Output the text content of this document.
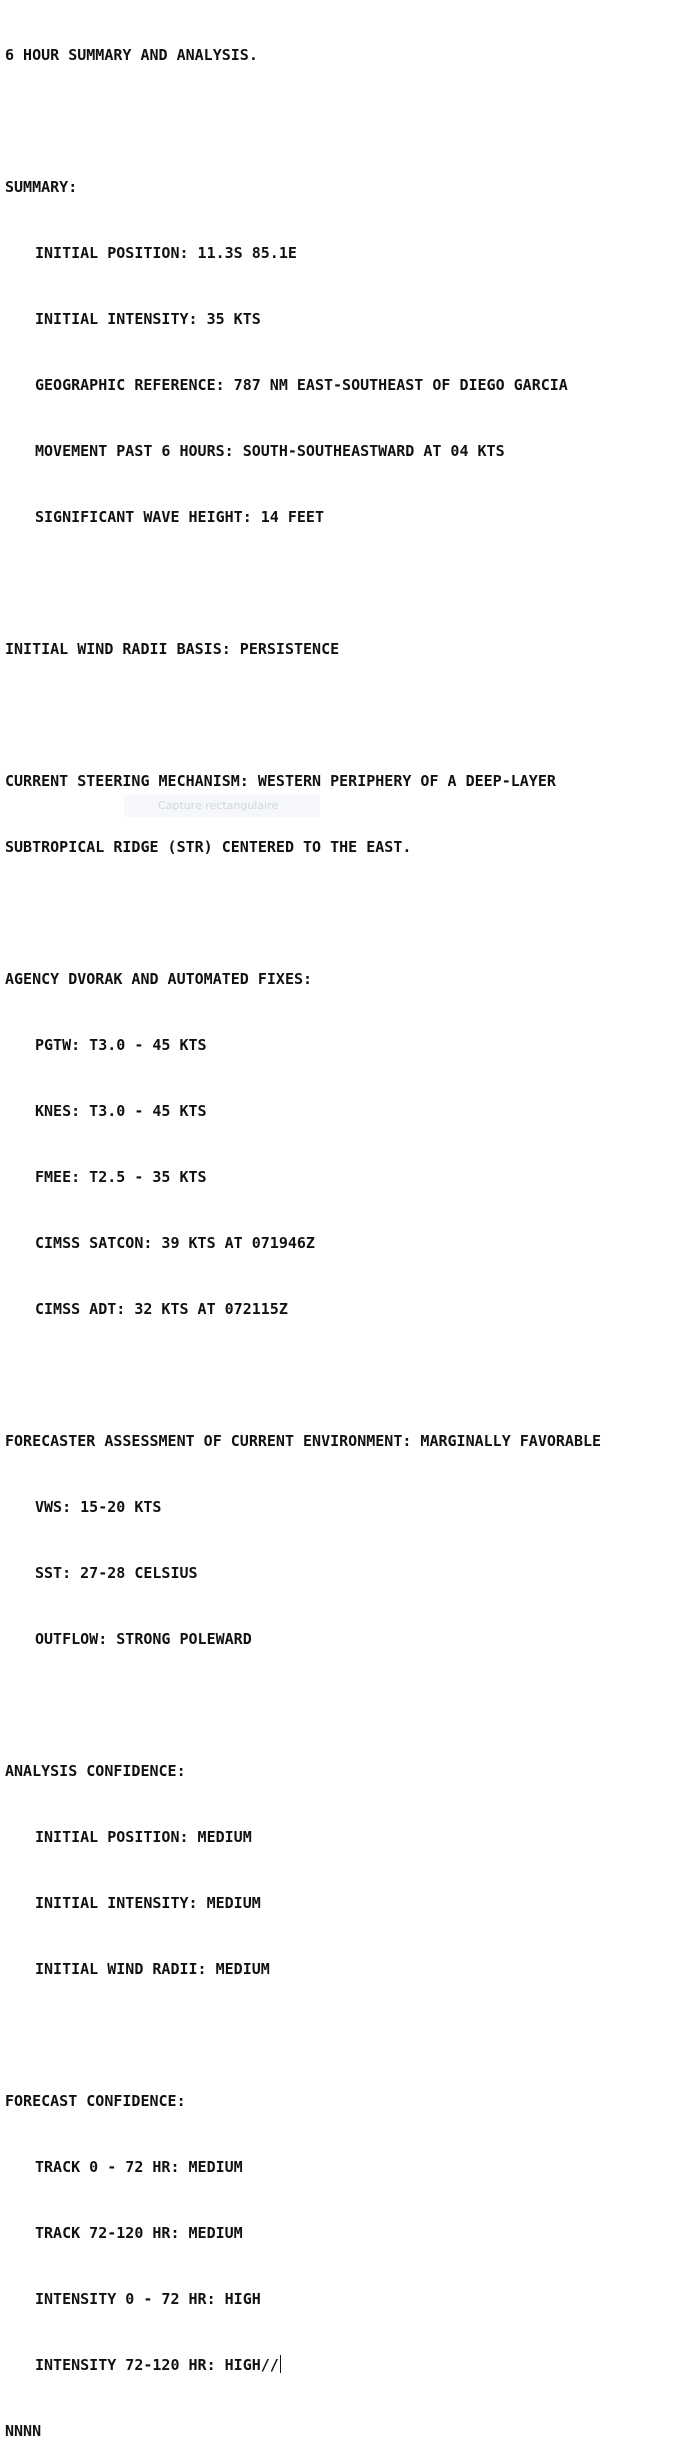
6 HOUR SUMMARY AND ANALYSIS.

SUMMARY:

INITIAL POSITION: 11.3S 85.1E

INITIAL INTENSITY: 35 KTS

GEOGRAPHIC REFERENCE: 787 NM EAST-SOUTHEAST OF DIEGO GARCIA

MOVEMENT PAST 6 HOURS: SOUTH-SOUTHEASTWARD AT 04 KTS

SIGNIFICANT WAVE HEIGHT: 14 FEET

INITIAL WIND RADII BASIS: PERSISTENCE

CURRENT STEERING MECHANISM: WESTERN PERIPHERY OF A DEEP-LAYER

SUBTROPICAL RIDGE (STR) CENTERED TO THE EAST.

AGENCY DVORAK AND AUTOMATED FIXES:

PGTW: T3.0 - 45 KTS

KNES: T3.0 - 45 KTS

FMEE: T2.5 - 35 KTS

CIMSS SATCON: 39 KTS AT 071946Z

CIMSS ADT: 32 KTS AT 072115Z

FORECASTER ASSESSMENT OF CURRENT ENVIRONMENT: MARGINALLY FAVORABLE

VWS: 15-20 KTS

SST: 27-28 CELSIUS

OUTFLOW: STRONG POLEWARD

ANALYSIS CONFIDENCE:

INITIAL POSITION: MEDIUM

INITIAL INTENSITY: MEDIUM

INITIAL WIND RADII: MEDIUM

FORECAST CONFIDENCE:

TRACK 0 - 72 HR: MEDIUM

TRACK 72-120 HR: MEDIUM

INTENSITY 0 - 72 HR: HIGH

INTENSITY 72-120 HR: HIGH//

NNNN

Capture rectangulaire
